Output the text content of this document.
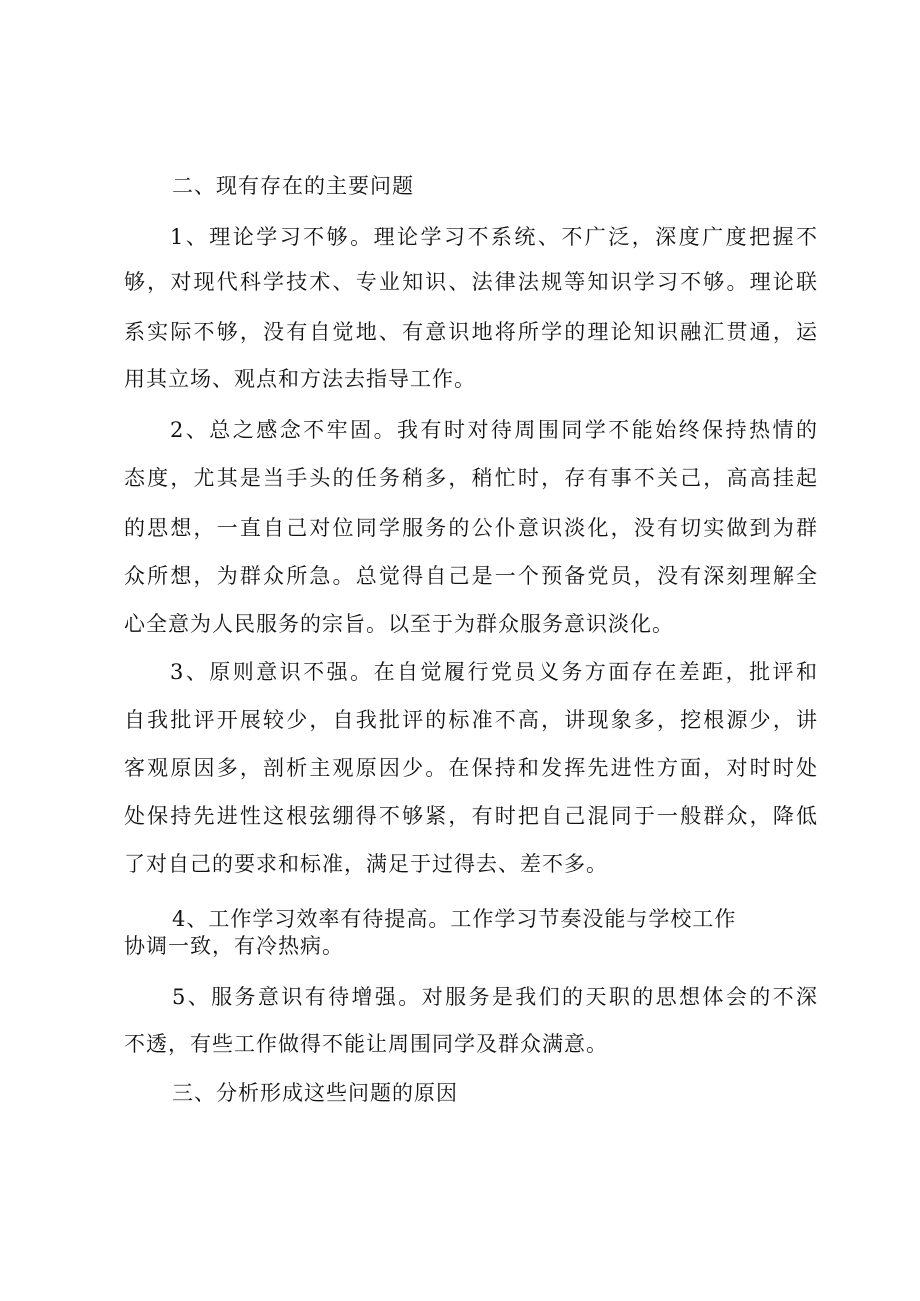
二、现有存在的主要问题
1、理论学习不够。理论学习不系统、不广泛，深度广度把握不
够，对现代科学技术、专业知识、法律法规等知识学习不够。理论联
系实际不够，没有自觉地、有意识地将所学的理论知识融汇贯通，运
用其立场、观点和方法去指导工作。
2、总之感念不牢固。我有时对待周围同学不能始终保持热情的
态度，尤其是当手头的任务稍多，稍忙时，存有事不关己，高高挂起
的思想，一直自己对位同学服务的公仆意识淡化，没有切实做到为群
众所想，为群众所急。总觉得自己是一个预备党员，没有深刻理解全
心全意为人民服务的宗旨。以至于为群众服务意识淡化。
3、原则意识不强。在自觉履行党员义务方面存在差距，批评和
自我批评开展较少，自我批评的标准不高，讲现象多，挖根源少，讲
客观原因多，剖析主观原因少。在保持和发挥先进性方面，对时时处
处保持先进性这根弦绷得不够紧，有时把自己混同于一般群众，降低
了对自己的要求和标准，满足于过得去、差不多。
4、工作学习效率有待提高。工作学习节奏没能与学校工作
协调一致，有冷热病。
5、服务意识有待增强。对服务是我们的天职的思想体会的不深
不透，有些工作做得不能让周围同学及群众满意。
三、分析形成这些问题的原因
